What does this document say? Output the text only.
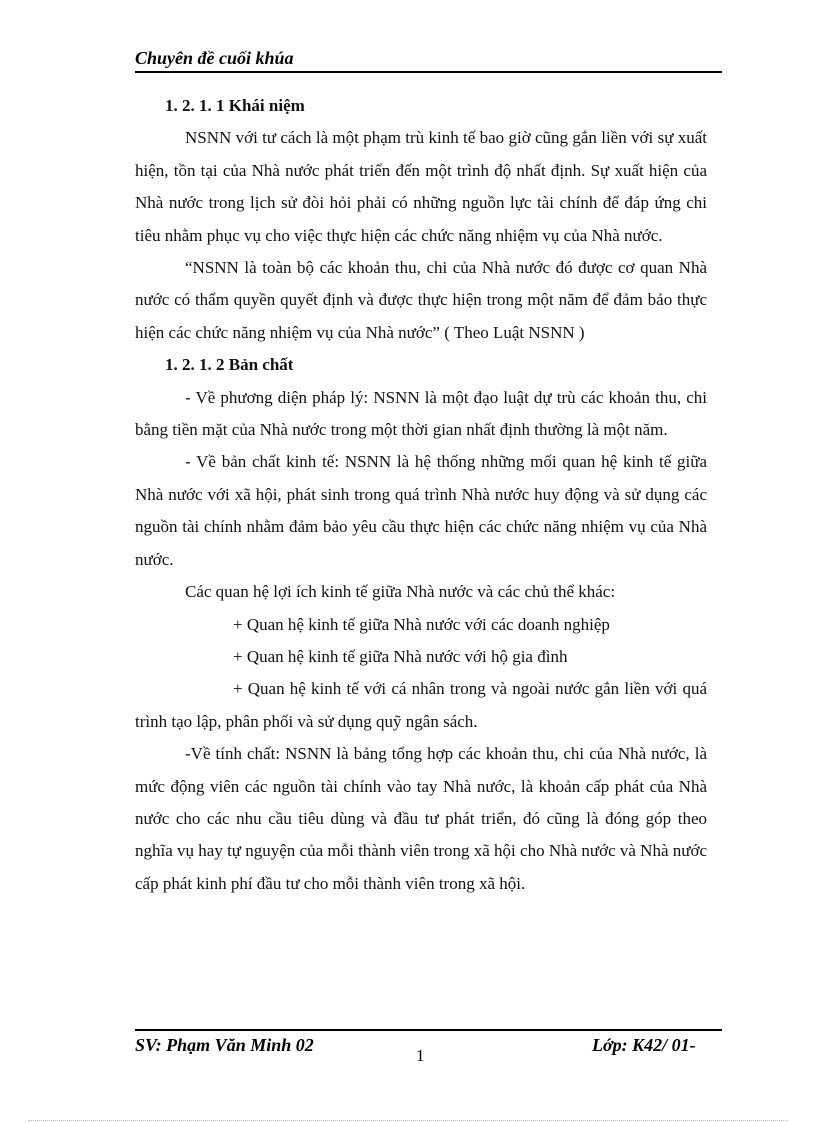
Chuyên đề cuối khúa

1. 2. 1. 1 Khái niệm

NSNN với tư cách là một phạm trù kinh tế bao giờ cũng gắn liền với sự xuất hiện, tồn tại của Nhà nước phát triển đến một trình độ nhất định. Sự xuất hiện của Nhà nước trong lịch sử đòi hỏi phải có những nguồn lực tài chính để đáp ứng chi tiêu nhằm phục vụ cho việc thực hiện các chức năng nhiệm vụ của Nhà nước.

“NSNN là toàn bộ các khoản thu, chi của Nhà nước đó được cơ quan Nhà nước có thẩm quyền quyết định và được thực hiện trong một năm để đảm bảo thực hiện các chức năng nhiệm vụ của Nhà nước” ( Theo Luật NSNN )

1. 2. 1. 2 Bản chất

- Về phương diện pháp lý: NSNN là một đạo luật dự trù các khoản thu, chi bằng tiền mặt của Nhà nước trong một thời gian nhất định thường là một năm.

- Về bản chất kinh tế: NSNN là hệ thống những mối quan hệ kinh tế giữa Nhà nước với xã hội, phát sinh trong quá trình Nhà nước huy động và sử dụng các nguồn tài chính nhằm đảm bảo yêu cầu thực hiện các chức năng nhiệm vụ của Nhà nước.

Các quan hệ lợi ích kinh tế giữa Nhà nước và các chủ thể khác:

+ Quan hệ kinh tế giữa Nhà nước với các doanh nghiệp

+ Quan hệ kinh tế giữa Nhà nước với hộ gia đình

+ Quan hệ kinh tế với cá nhân trong và ngoài nước gắn liền với quá trình tạo lập, phân phối và sử dụng quỹ ngân sách.

-Về tính chất: NSNN là bảng tổng hợp các khoản thu, chi của Nhà nước, là mức động viên các nguồn tài chính vào tay Nhà nước, là khoản cấp phát của Nhà nước cho các nhu cầu tiêu dùng và đầu tư phát triển, đó cũng là đóng góp theo nghĩa vụ hay tự nguyện của mỗi thành viên trong xã hội cho Nhà nước và Nhà nước cấp phát kinh phí đầu tư cho mỗi thành viên trong xã hội.

SV: Phạm Văn Minh 02
1
Lớp: K42/ 01-
